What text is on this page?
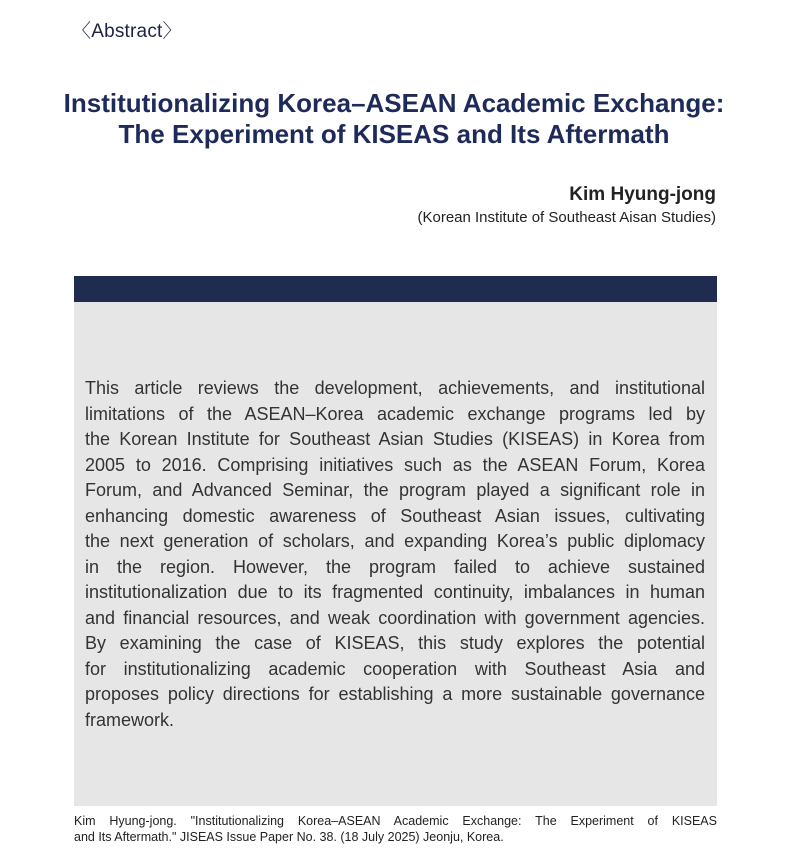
〈Abstract〉
Institutionalizing Korea–ASEAN Academic Exchange:
The Experiment of KISEAS and Its Aftermath
Kim Hyung-jong
(Korean Institute of Southeast Aisan Studies)

This article reviews the development, achievements, and institutional
limitations of the ASEAN–Korea academic exchange programs led by
the Korean Institute for Southeast Asian Studies (KISEAS) in Korea from
2005 to 2016. Comprising initiatives such as the ASEAN Forum, Korea
Forum, and Advanced Seminar, the program played a significant role in
enhancing domestic awareness of Southeast Asian issues, cultivating
the next generation of scholars, and expanding Korea’s public diplomacy
in the region. However, the program failed to achieve sustained
institutionalization due to its fragmented continuity, imbalances in human
and financial resources, and weak coordination with government agencies.
By examining the case of KISEAS, this study explores the potential
for institutionalizing academic cooperation with Southeast Asia and
proposes policy directions for establishing a more sustainable governance
framework.

Kim Hyung-jong. "Institutionalizing Korea–ASEAN Academic Exchange: The Experiment of KISEAS
and Its Aftermath." JISEAS Issue Paper No. 38. (18 July 2025) Jeonju, Korea.
